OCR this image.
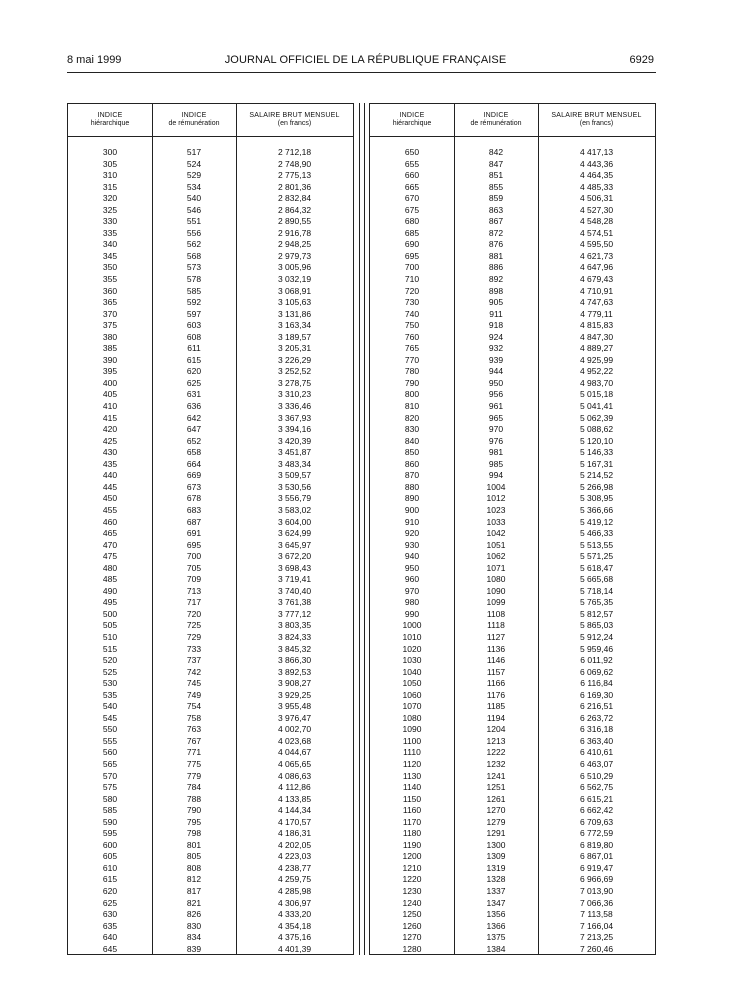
8 mai 1999	JOURNAL OFFICIEL DE LA RÉPUBLIQUE FRANÇAISE	6929
INDICE
hiérarchique
INDICE
de rémunération
SALAIRE BRUT MENSUEL
(en francs)
300	517	2 712,18
305	524	2 748,90
310	529	2 775,13
315	534	2 801,36
320	540	2 832,84
325	546	2 864,32
330	551	2 890,55
335	556	2 916,78
340	562	2 948,25
345	568	2 979,73
350	573	3 005,96
355	578	3 032,19
360	585	3 068,91
365	592	3 105,63
370	597	3 131,86
375	603	3 163,34
380	608	3 189,57
385	611	3 205,31
390	615	3 226,29
395	620	3 252,52
400	625	3 278,75
405	631	3 310,23
410	636	3 336,46
415	642	3 367,93
420	647	3 394,16
425	652	3 420,39
430	658	3 451,87
435	664	3 483,34
440	669	3 509,57
445	673	3 530,56
450	678	3 556,79
455	683	3 583,02
460	687	3 604,00
465	691	3 624,99
470	695	3 645,97
475	700	3 672,20
480	705	3 698,43
485	709	3 719,41
490	713	3 740,40
495	717	3 761,38
500	720	3 777,12
505	725	3 803,35
510	729	3 824,33
515	733	3 845,32
520	737	3 866,30
525	742	3 892,53
530	745	3 908,27
535	749	3 929,25
540	754	3 955,48
545	758	3 976,47
550	763	4 002,70
555	767	4 023,68
560	771	4 044,67
565	775	4 065,65
570	779	4 086,63
575	784	4 112,86
580	788	4 133,85
585	790	4 144,34
590	795	4 170,57
595	798	4 186,31
600	801	4 202,05
605	805	4 223,03
610	808	4 238,77
615	812	4 259,75
620	817	4 285,98
625	821	4 306,97
630	826	4 333,20
635	830	4 354,18
640	834	4 375,16
645	839	4 401,39
INDICE
hiérarchique
INDICE
de rémunération
SALAIRE BRUT MENSUEL
(en francs)
650	842	4 417,13
655	847	4 443,36
660	851	4 464,35
665	855	4 485,33
670	859	4 506,31
675	863	4 527,30
680	867	4 548,28
685	872	4 574,51
690	876	4 595,50
695	881	4 621,73
700	886	4 647,96
710	892	4 679,43
720	898	4 710,91
730	905	4 747,63
740	911	4 779,11
750	918	4 815,83
760	924	4 847,30
765	932	4 889,27
770	939	4 925,99
780	944	4 952,22
790	950	4 983,70
800	956	5 015,18
810	961	5 041,41
820	965	5 062,39
830	970	5 088,62
840	976	5 120,10
850	981	5 146,33
860	985	5 167,31
870	994	5 214,52
880	1004	5 266,98
890	1012	5 308,95
900	1023	5 366,66
910	1033	5 419,12
920	1042	5 466,33
930	1051	5 513,55
940	1062	5 571,25
950	1071	5 618,47
960	1080	5 665,68
970	1090	5 718,14
980	1099	5 765,35
990	1108	5 812,57
1000	1118	5 865,03
1010	1127	5 912,24
1020	1136	5 959,46
1030	1146	6 011,92
1040	1157	6 069,62
1050	1166	6 116,84
1060	1176	6 169,30
1070	1185	6 216,51
1080	1194	6 263,72
1090	1204	6 316,18
1100	1213	6 363,40
1110	1222	6 410,61
1120	1232	6 463,07
1130	1241	6 510,29
1140	1251	6 562,75
1150	1261	6 615,21
1160	1270	6 662,42
1170	1279	6 709,63
1180	1291	6 772,59
1190	1300	6 819,80
1200	1309	6 867,01
1210	1319	6 919,47
1220	1328	6 966,69
1230	1337	7 013,90
1240	1347	7 066,36
1250	1356	7 113,58
1260	1366	7 166,04
1270	1375	7 213,25
1280	1384	7 260,46
